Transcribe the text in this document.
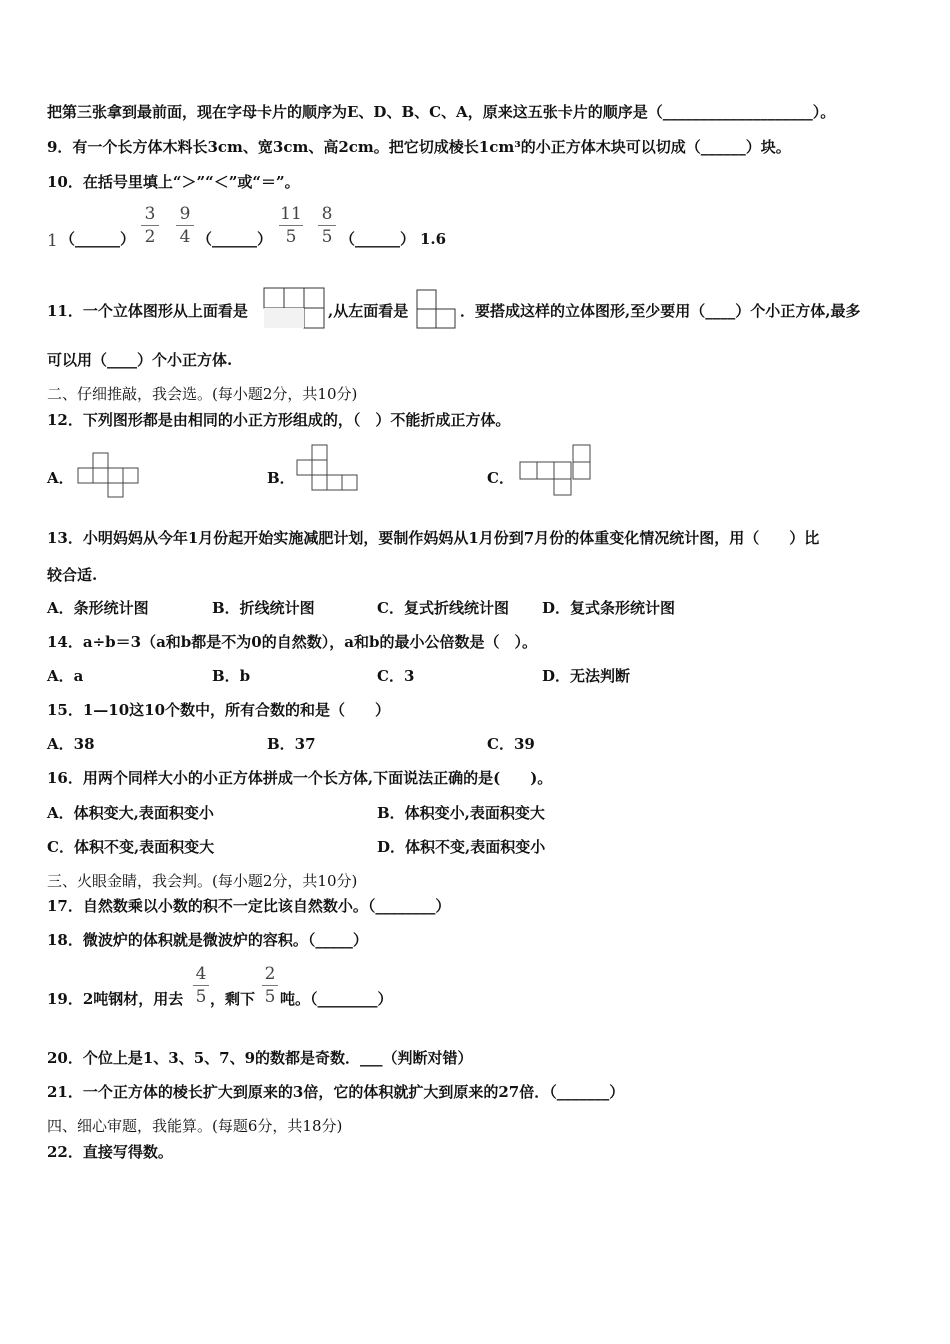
把第三张拿到最前面，现在字母卡片的顺序为E、D、B、C、A，原来这五张卡片的顺序是（____________________）。
9．有一个长方体木料长3cm、宽3cm、高2cm。把它切成棱长1cm³的小正方体木块可以切成（______）块。
10．在括号里填上“＞”“＜”或“＝”。
1 （______）
3
2
9
4 （______）
11
5
8
5 （______） 1.6
11．一个立体图形从上面看是	,从左面看是	．要搭成这样的立体图形,至少要用（____）个小正方体,最多
可以用（____）个小正方体.
二、仔细推敲，我会选。(每小题2分，共10分)
12．下列图形都是由相同的小正方形组成的，（　）不能折成正方体。
A．	B．	C．
13．小明妈妈从今年1月份起开始实施减肥计划，要制作妈妈从1月份到7月份的体重变化情况统计图，用（　　）比
较合适.
A．条形统计图	B．折线统计图	C．复式折线统计图 D．复式条形统计图
14．a÷b＝3（a和b都是不为0的自然数），a和b的最小公倍数是（　）。
A．a	B．b	C．3	D．无法判断
15．1—10这10个数中，所有合数的和是（　　）
A．38	B．37	C．39
16．用两个同样大小的小正方体拼成一个长方体,下面说法正确的是(　　)。
A．体积变大,表面积变小	B．体积变小,表面积变大
C．体积不变,表面积变大	D．体积不变,表面积变小
三、火眼金睛，我会判。(每小题2分，共10分)
17．自然数乘以小数的积不一定比该自然数小。（________）
18．微波炉的体积就是微波炉的容积。（_____）
19．2吨钢材，用去
4
5 ，剩下
2
5 吨。（________）
20．个位上是1、3、5、7、9的数都是奇数．___（判断对错）
21．一个正方体的棱长扩大到原来的3倍，它的体积就扩大到原来的27倍．（_______）
四、细心审题，我能算。(每题6分，共18分)
22．直接写得数。
